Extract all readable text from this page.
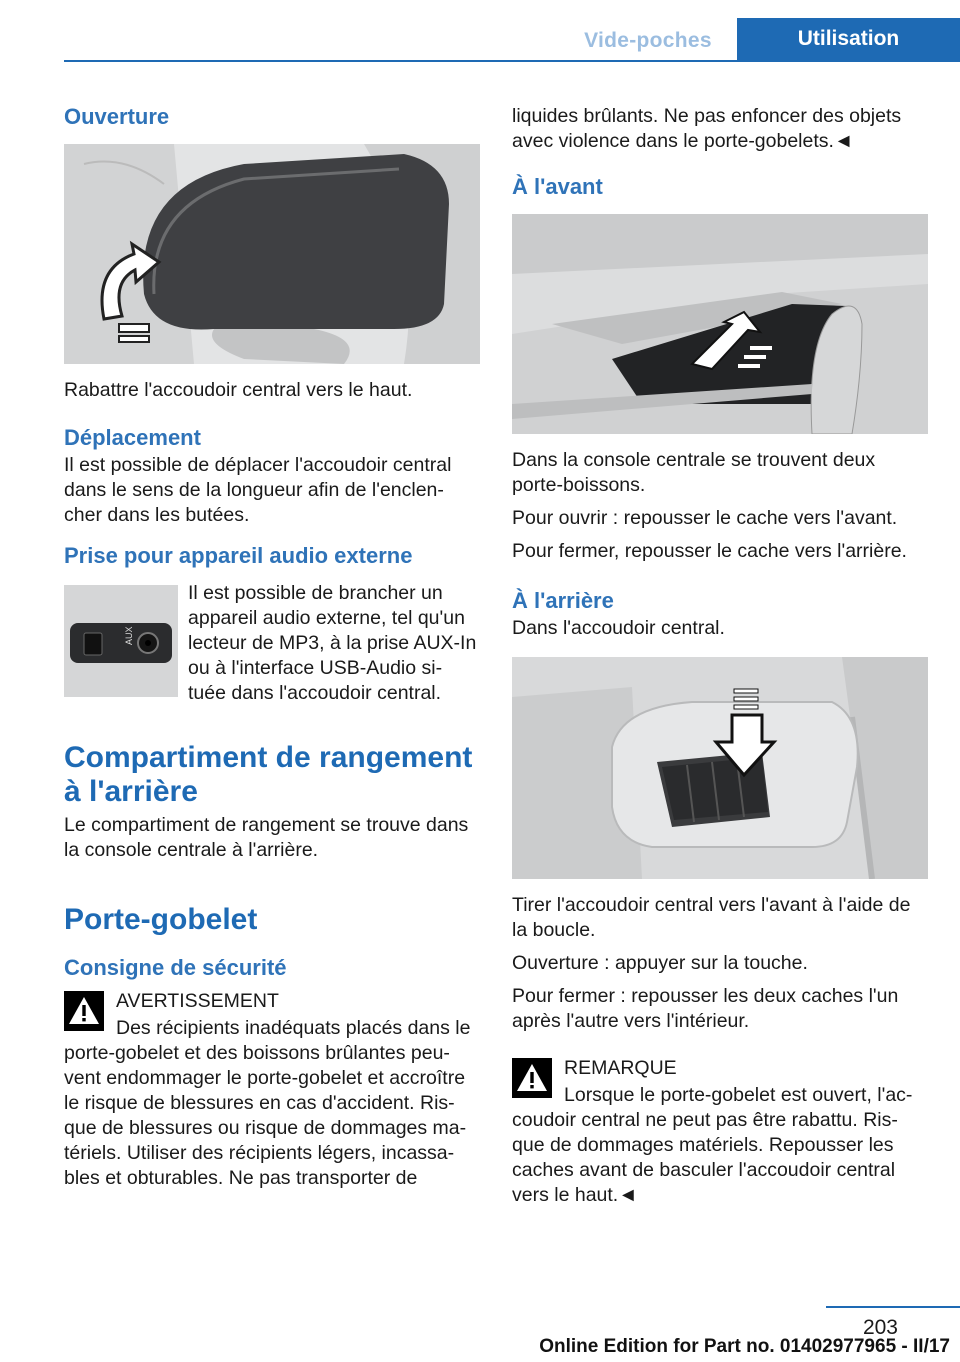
Vide-poches	Utilisation
Ouverture

Rabattre l'accoudoir central vers le haut.

Déplacement

Il est possible de déplacer l'accoudoir central dans le sens de la longueur afin de l'enclen-cher dans les butées.

Prise pour appareil audio externe
AUX

Il est possible de brancher un appareil audio externe, tel qu'un lecteur de MP3, à la prise AUX-In ou à l'interface USB-Audio si-tuée dans l'accoudoir central.

Compartiment de rangement à l'arrière

Le compartiment de rangement se trouve dans la console centrale à l'arrière.

Porte-gobelet
Consigne de sécurité

AVERTISSEMENT

Des récipients inadéquats placés dans le porte-gobelet et des boissons brûlantes peu-vent endommager le porte-gobelet et accroître le risque de blessures en cas d'accident. Ris-que de blessures ou risque de dommages ma-tériels. Utiliser des récipients légers, incassa-bles et obturables. Ne pas transporter de

liquides brûlants. Ne pas enfoncer des objets avec violence dans le porte-gobelets.◄

À l'avant

Dans la console centrale se trouvent deux porte-boissons.

Pour ouvrir : repousser le cache vers l'avant.

Pour fermer, repousser le cache vers l'arrière.

À l'arrière

Dans l'accoudoir central.

Tirer l'accoudoir central vers l'avant à l'aide de la boucle.

Ouverture : appuyer sur la touche.

Pour fermer : repousser les deux caches l'un après l'autre vers l'intérieur.

REMARQUE

Lorsque le porte-gobelet est ouvert, l'ac-coudoir central ne peut pas être rabattu. Ris-que de dommages matériels. Repousser les caches avant de basculer l'accoudoir central vers le haut.◄

203
Online Edition for Part no. 01402977965 - II/17
